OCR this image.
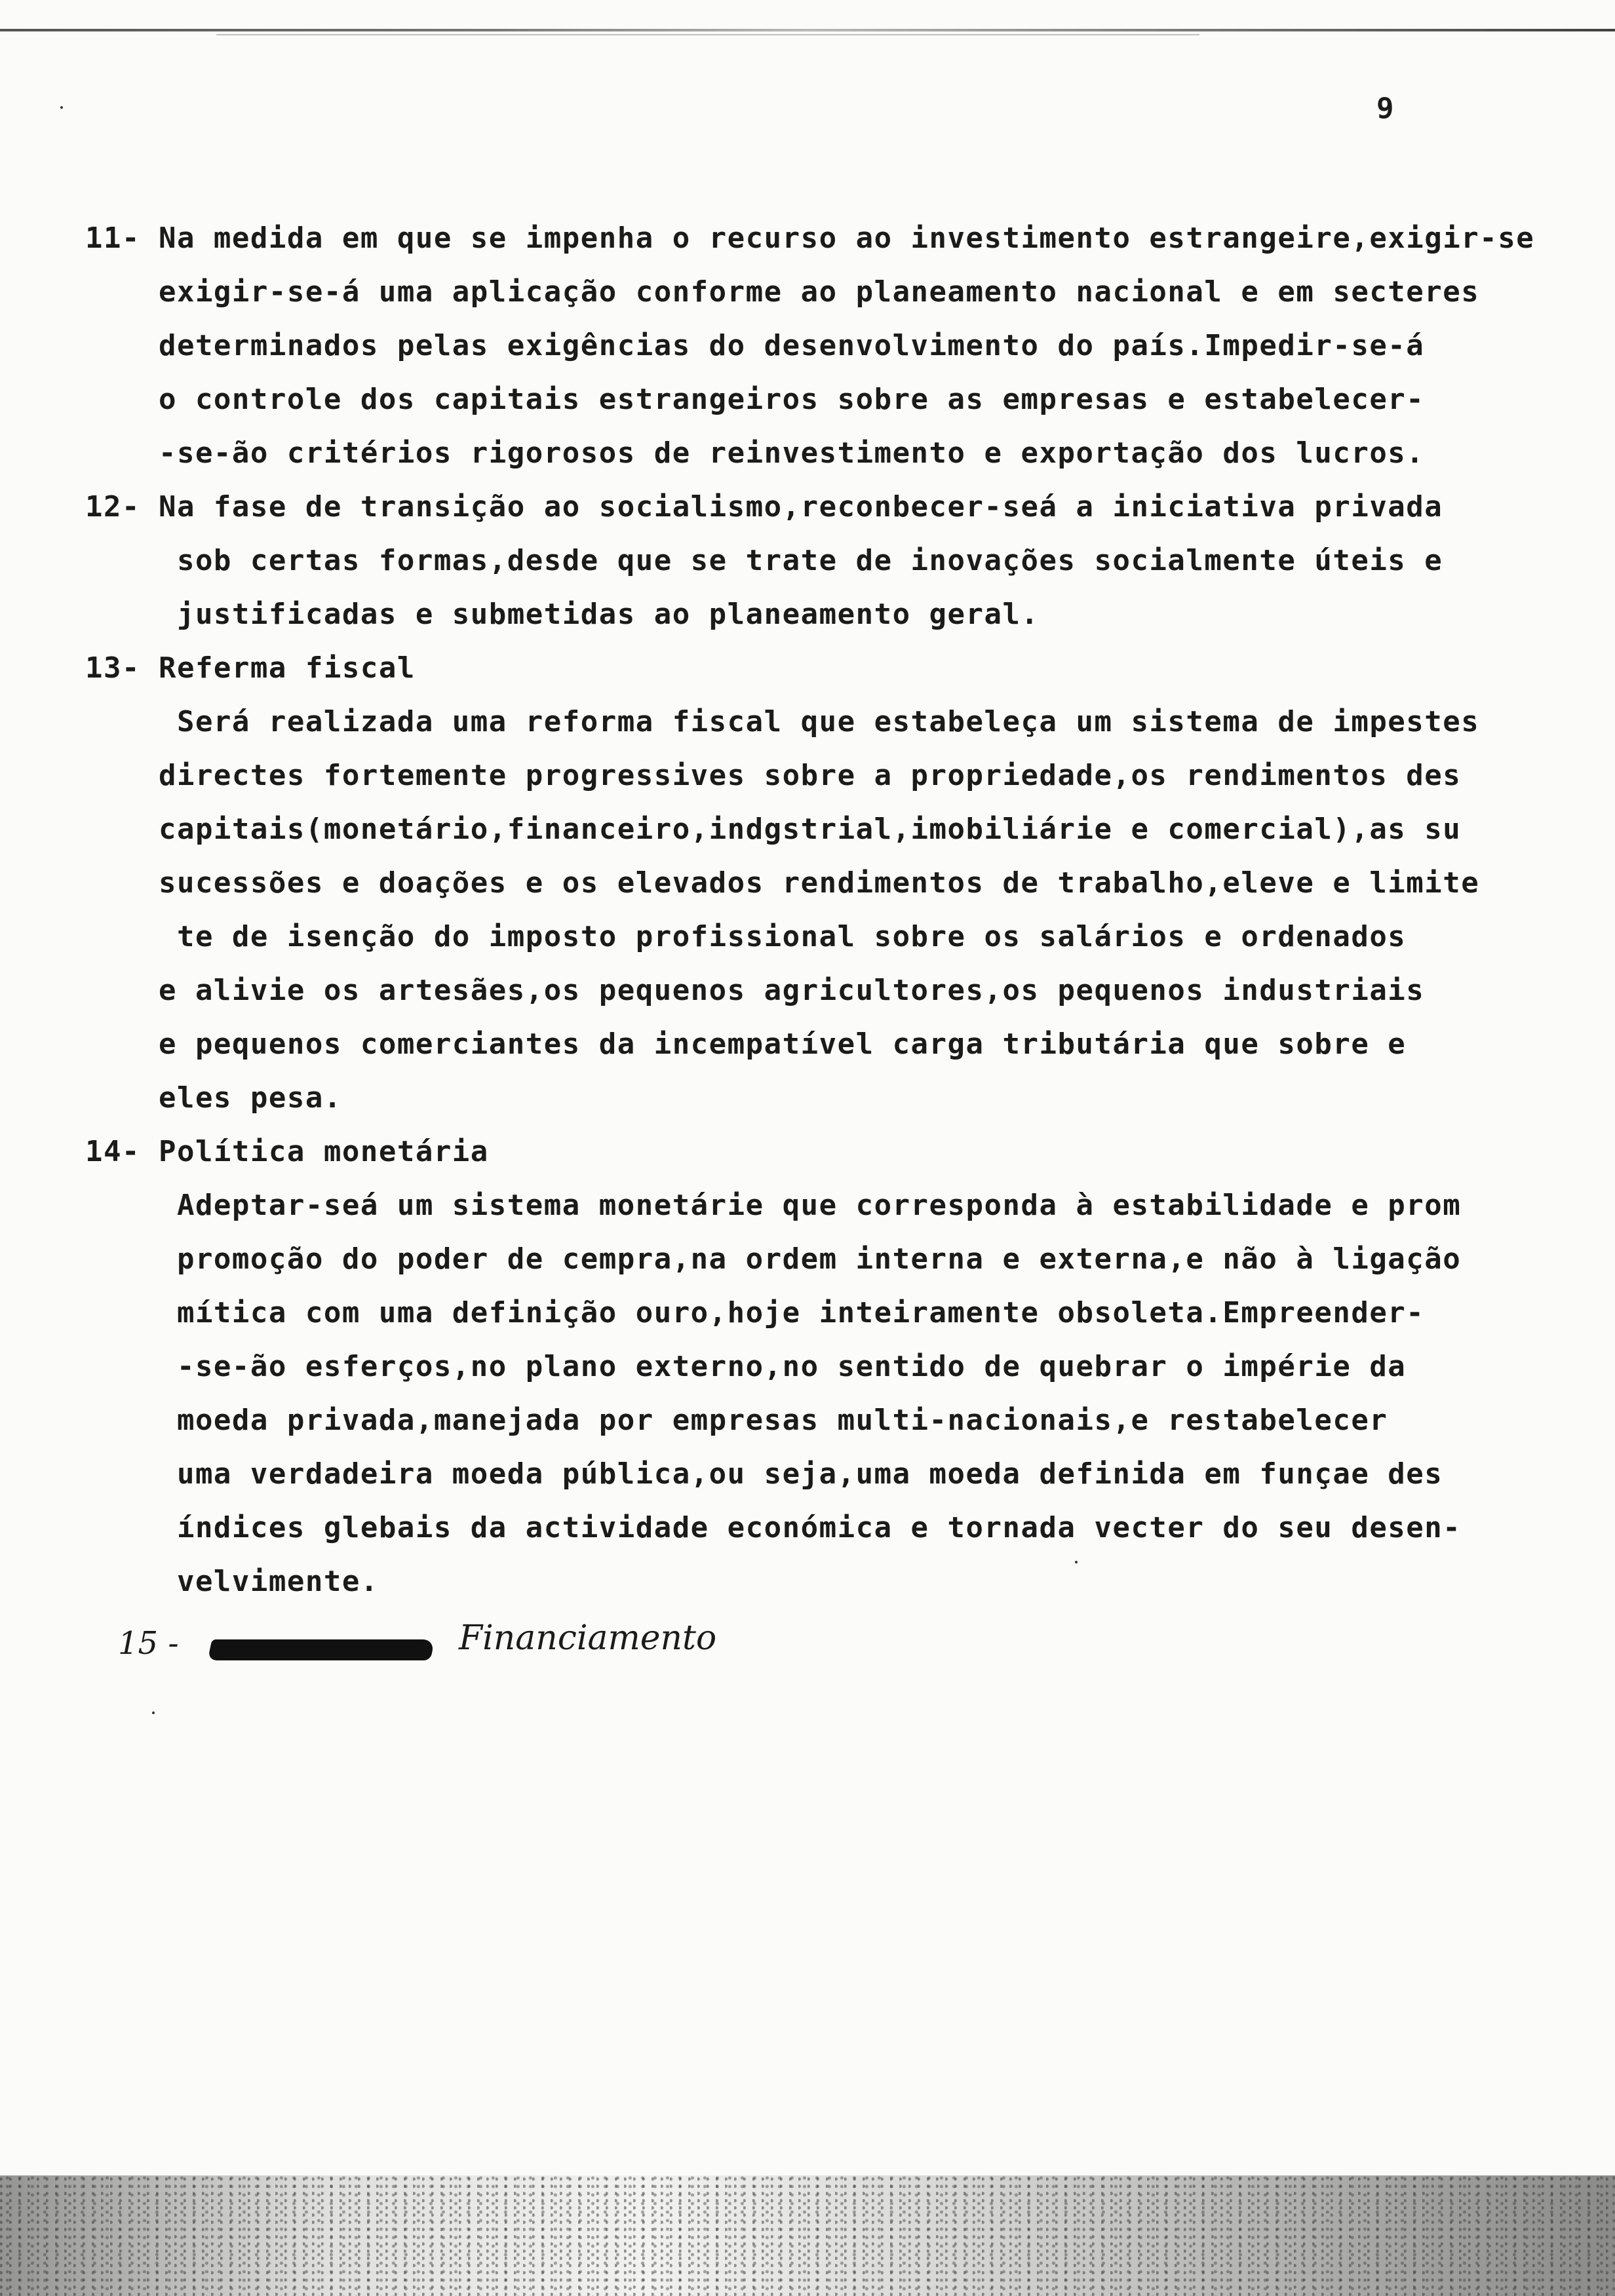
9
11- Na medida em que se impenha o recurso ao investimento estrangeire,exigir-se
exigir-se-á uma aplicação conforme ao planeamento nacional e em secteres
determinados pelas exigências do desenvolvimento do país.Impedir-se-á
o controle dos capitais estrangeiros sobre as empresas e estabelecer-
-se-ão critérios rigorosos de reinvestimento e exportação dos lucros.
12- Na fase de transição ao socialismo,reconbecer-seá a iniciativa privada
sob certas formas,desde que se trate de inovações socialmente úteis e
justificadas e submetidas ao planeamento geral.
13- Referma fiscal
Será realizada uma reforma fiscal que estabeleça um sistema de impestes
directes fortemente progressives sobre a propriedade,os rendimentos des
capitais(monetário,financeiro,indgstrial,imobiliárie e comercial),as su
sucessões e doações e os elevados rendimentos de trabalho,eleve e limite
te de isenção do imposto profissional sobre os salários e ordenados
e alivie os artesães,os pequenos agricultores,os pequenos industriais
e pequenos comerciantes da incempatível carga tributária que sobre e
eles pesa.
14- Política monetária
Adeptar-seá um sistema monetárie que corresponda à estabilidade e prom
promoção do poder de cempra,na ordem interna e externa,e não à ligação
mítica com uma definição ouro,hoje inteiramente obsoleta.Empreender-
-se-ão esferços,no plano externo,no sentido de quebrar o impérie da
moeda privada,manejada por empresas multi-nacionais,e restabelecer
uma verdadeira moeda pública,ou seja,uma moeda definida em funçae des
índices glebais da actividade económica e tornada vecter do seu desen-
velvimente.
15 -	Financiamento
